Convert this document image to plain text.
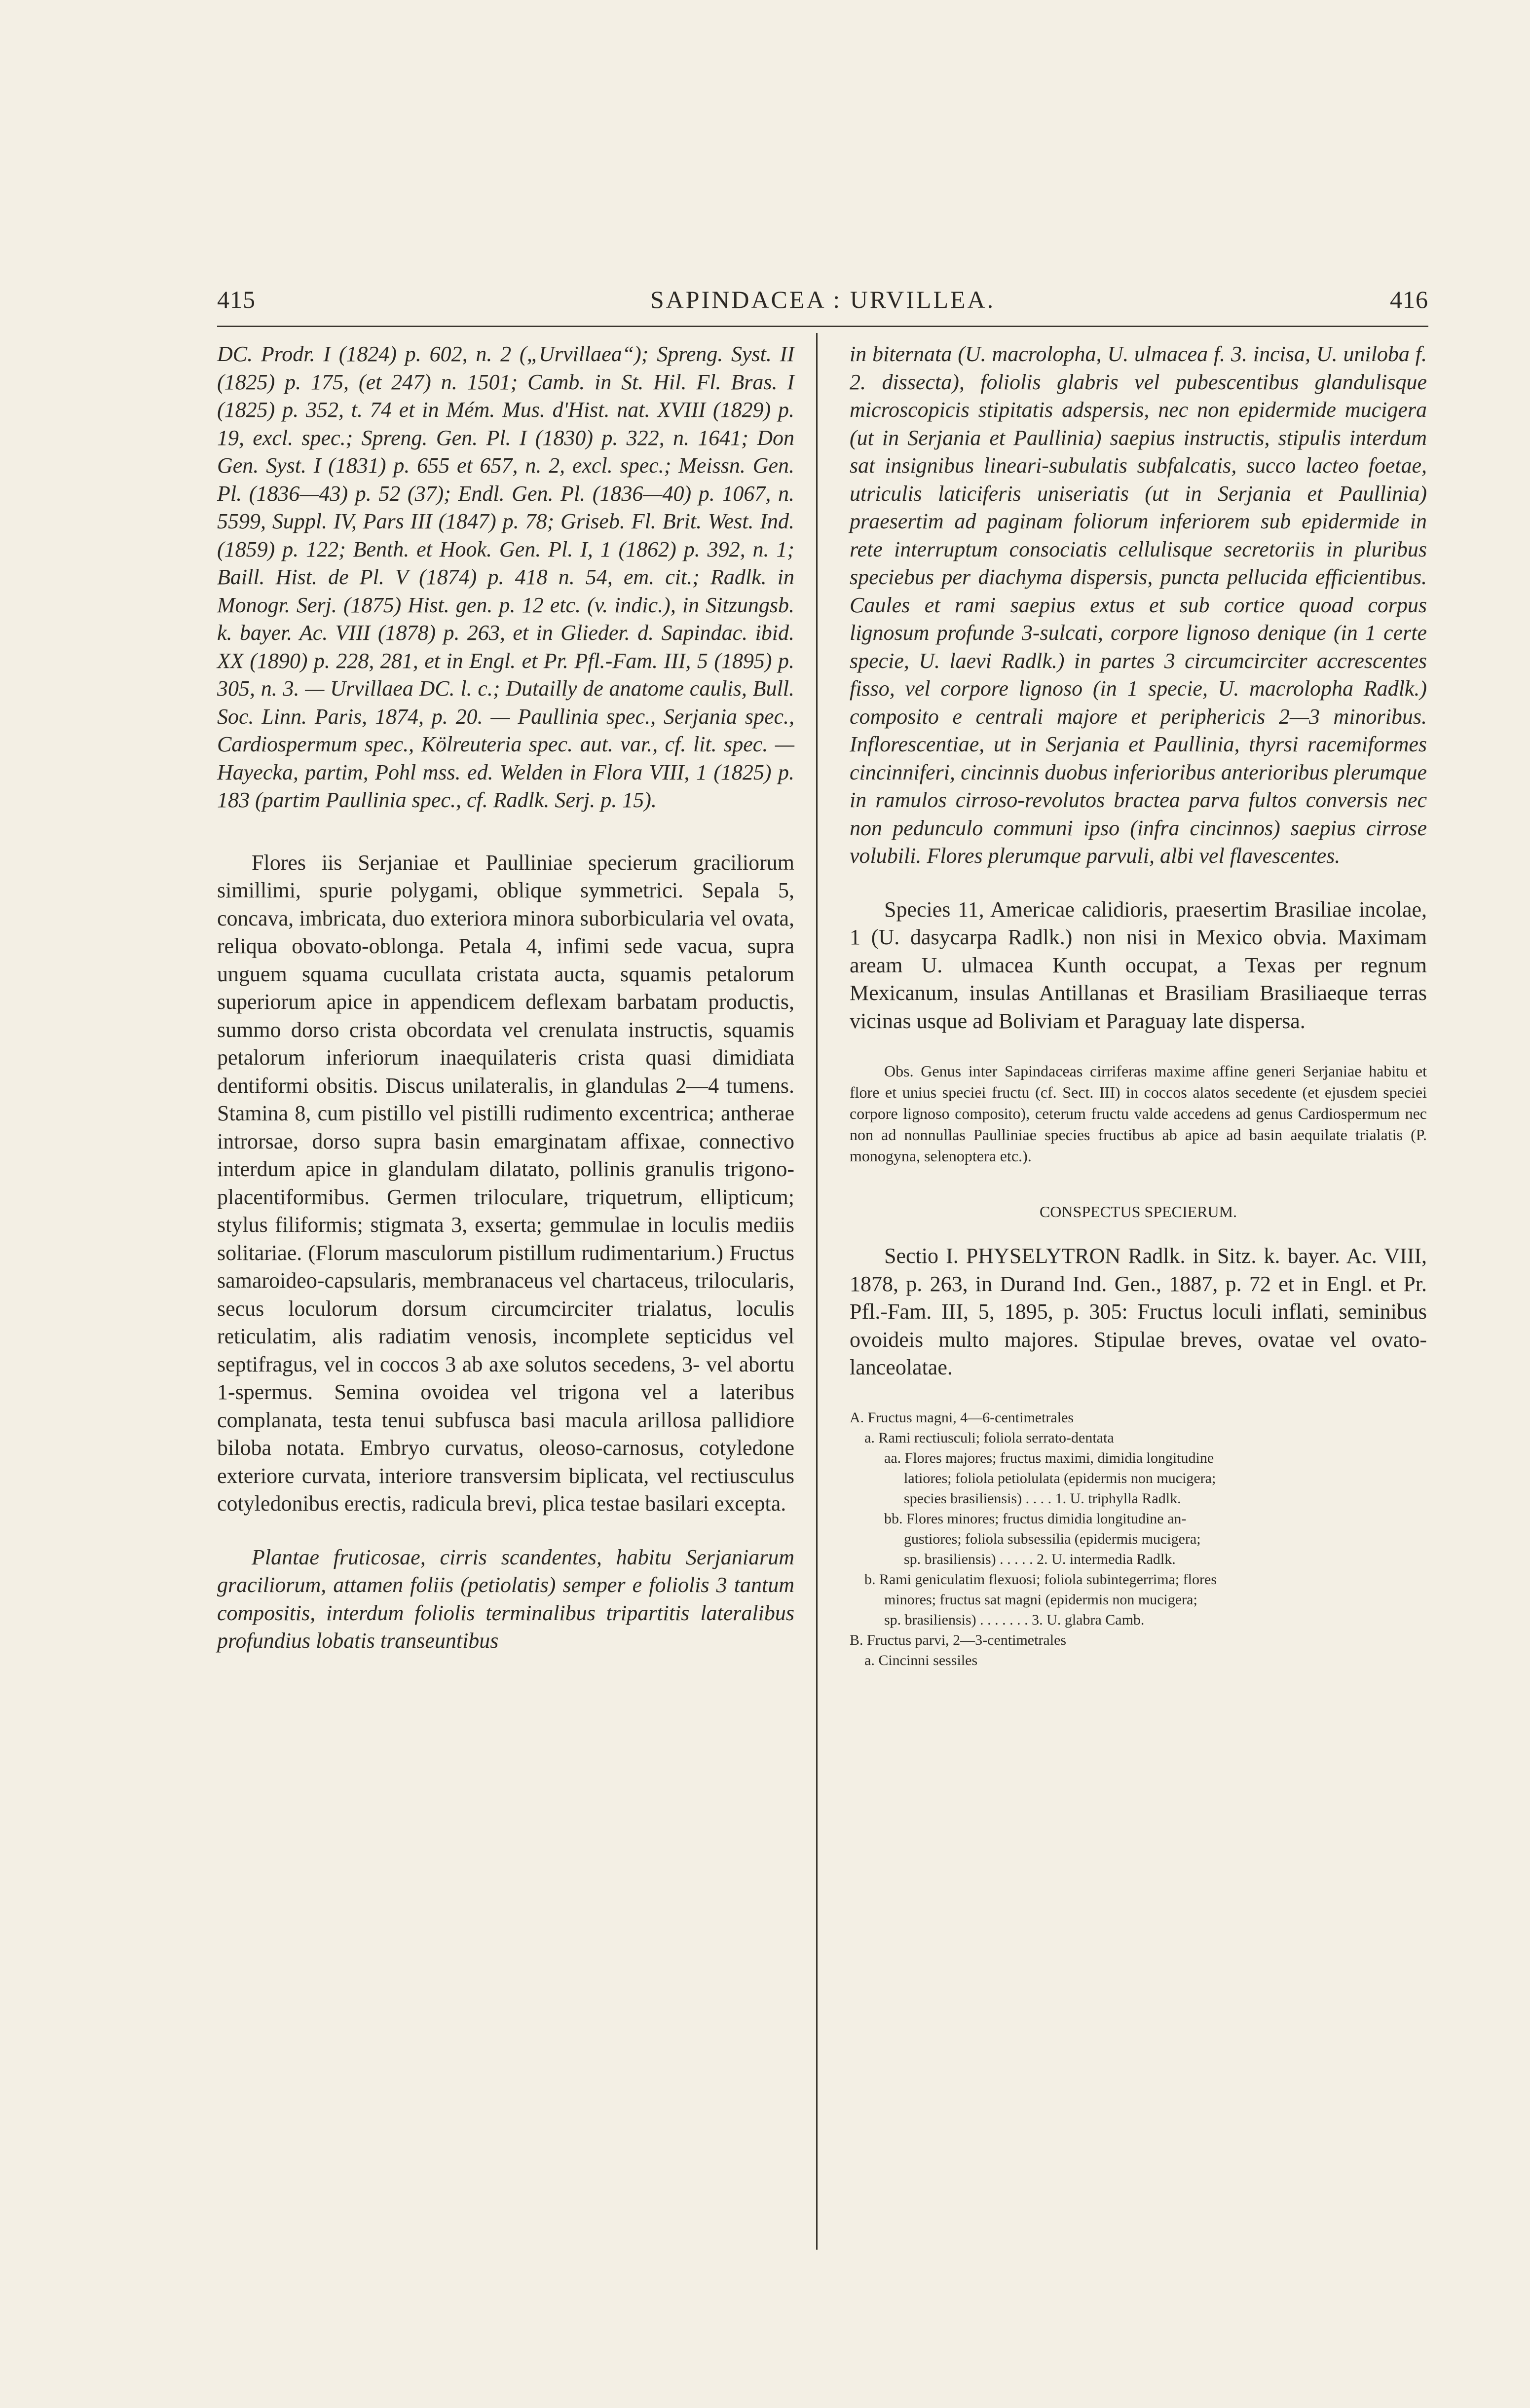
415	SAPINDACEA : URVILLEA.	416

DC. Prodr. I (1824) p. 602, n. 2 („Urvillaea“); Spreng. Syst. II (1825) p. 175, (et 247) n. 1501; Camb. in St. Hil. Fl. Bras. I (1825) p. 352, t. 74 et in Mém. Mus. d'Hist. nat. XVIII (1829) p. 19, excl. spec.; Spreng. Gen. Pl. I (1830) p. 322, n. 1641; Don Gen. Syst. I (1831) p. 655 et 657, n. 2, excl. spec.; Meissn. Gen. Pl. (1836—43) p. 52 (37); Endl. Gen. Pl. (1836—40) p. 1067, n. 5599, Suppl. IV, Pars III (1847) p. 78; Griseb. Fl. Brit. West. Ind. (1859) p. 122; Benth. et Hook. Gen. Pl. I, 1 (1862) p. 392, n. 1; Baill. Hist. de Pl. V (1874) p. 418 n. 54, em. cit.; Radlk. in Monogr. Serj. (1875) Hist. gen. p. 12 etc. (v. indic.), in Sitzungsb. k. bayer. Ac. VIII (1878) p. 263, et in Glieder. d. Sapindac. ibid. XX (1890) p. 228, 281, et in Engl. et Pr. Pfl.-Fam. III, 5 (1895) p. 305, n. 3. — Urvillaea DC. l. c.; Dutailly de anatome caulis, Bull. Soc. Linn. Paris, 1874, p. 20. — Paullinia spec., Serjania spec., Cardiospermum spec., Kölreuteria spec. aut. var., cf. lit. spec. — Hayecka, partim, Pohl mss. ed. Welden in Flora VIII, 1 (1825) p. 183 (partim Paullinia spec., cf. Radlk. Serj. p. 15).

Flores iis Serjaniae et Paulliniae specierum graciliorum simillimi, spurie polygami, oblique symmetrici. Sepala 5, concava, imbricata, duo exteriora minora suborbicularia vel ovata, reliqua obovato-oblonga. Petala 4, infimi sede vacua, supra unguem squama cucullata cristata aucta, squamis petalorum superiorum apice in appendicem deflexam barbatam productis, summo dorso crista obcordata vel crenulata instructis, squamis petalorum inferiorum inaequilateris crista quasi dimidiata dentiformi obsitis. Discus unilateralis, in glandulas 2—4 tumens. Stamina 8, cum pistillo vel pistilli rudimento excentrica; antherae introrsae, dorso supra basin emarginatam affixae, connectivo interdum apice in glandulam dilatato, pollinis granulis trigono-placentiformibus. Germen triloculare, triquetrum, ellipticum; stylus filiformis; stigmata 3, exserta; gemmulae in loculis mediis solitariae. (Florum masculorum pistillum rudimentarium.) Fructus samaroideo-capsularis, membranaceus vel chartaceus, trilocularis, secus loculorum dorsum circumcirciter trialatus, loculis reticulatim, alis radiatim venosis, incomplete septicidus vel septifragus, vel in coccos 3 ab axe solutos secedens, 3- vel abortu 1-spermus. Semina ovoidea vel trigona vel a lateribus complanata, testa tenui subfusca basi macula arillosa pallidiore biloba notata. Embryo curvatus, oleoso-carnosus, cotyledone exteriore curvata, interiore transversim biplicata, vel rectiusculus cotyledonibus erectis, radicula brevi, plica testae basilari excepta.

Plantae fruticosae, cirris scandentes, habitu Serjaniarum graciliorum, attamen foliis (petiolatis) semper e foliolis 3 tantum compositis, interdum foliolis terminalibus tripartitis lateralibus profundius lobatis transeuntibus

in biternata (U. macrolopha, U. ulmacea f. 3. incisa, U. uniloba f. 2. dissecta), foliolis glabris vel pubescentibus glandulisque microscopicis stipitatis adspersis, nec non epidermide mucigera (ut in Serjania et Paullinia) saepius instructis, stipulis interdum sat insignibus lineari-subulatis subfalcatis, succo lacteo foetae, utriculis laticiferis uniseriatis (ut in Serjania et Paullinia) praesertim ad paginam foliorum inferiorem sub epidermide in rete interruptum consociatis cellulisque secretoriis in pluribus speciebus per diachyma dispersis, puncta pellucida efficientibus. Caules et rami saepius extus et sub cortice quoad corpus lignosum profunde 3-sulcati, corpore lignoso denique (in 1 certe specie, U. laevi Radlk.) in partes 3 circumcirciter accrescentes fisso, vel corpore lignoso (in 1 specie, U. macrolopha Radlk.) composito e centrali majore et periphericis 2—3 minoribus. Inflorescentiae, ut in Serjania et Paullinia, thyrsi racemiformes cincinniferi, cincinnis duobus inferioribus anterioribus plerumque in ramulos cirroso-revolutos bractea parva fultos conversis nec non pedunculo communi ipso (infra cincinnos) saepius cirrose volubili. Flores plerumque parvuli, albi vel flavescentes.

Species 11, Americae calidioris, praesertim Brasiliae incolae, 1 (U. dasycarpa Radlk.) non nisi in Mexico obvia. Maximam aream U. ulmacea Kunth occupat, a Texas per regnum Mexicanum, insulas Antillanas et Brasiliam Brasiliaeque terras vicinas usque ad Boliviam et Paraguay late dispersa.

Obs. Genus inter Sapindaceas cirriferas maxime affine generi Serjaniae habitu et flore et unius speciei fructu (cf. Sect. III) in coccos alatos secedente (et ejusdem speciei corpore lignoso composito), ceterum fructu valde accedens ad genus Cardiospermum nec non ad nonnullas Paulliniae species fructibus ab apice ad basin aequilate trialatis (P. monogyna, selenoptera etc.).

CONSPECTUS SPECIERUM.

Sectio I. PHYSELYTRON Radlk. in Sitz. k. bayer. Ac. VIII, 1878, p. 263, in Durand Ind. Gen., 1887, p. 72 et in Engl. et Pr. Pfl.-Fam. III, 5, 1895, p. 305: Fructus loculi inflati, seminibus ovoideis multo majores. Stipulae breves, ovatae vel ovato-lanceolatae.

A. Fructus magni, 4—6-centimetrales
a. Rami rectiusculi; foliola serrato-dentata
aa. Flores majores; fructus maximi, dimidia longitudine
latiores; foliola petiolulata (epidermis non mucigera;
species brasiliensis) . . . . 1. U. triphylla Radlk.
bb. Flores minores; fructus dimidia longitudine an-
gustiores; foliola subsessilia (epidermis mucigera;
sp. brasiliensis) . . . . . 2. U. intermedia Radlk.
b. Rami geniculatim flexuosi; foliola subintegerrima; flores
minores; fructus sat magni (epidermis non mucigera;
sp. brasiliensis) . . . . . . . 3. U. glabra Camb.
B. Fructus parvi, 2—3-centimetrales
a. Cincinni sessiles
